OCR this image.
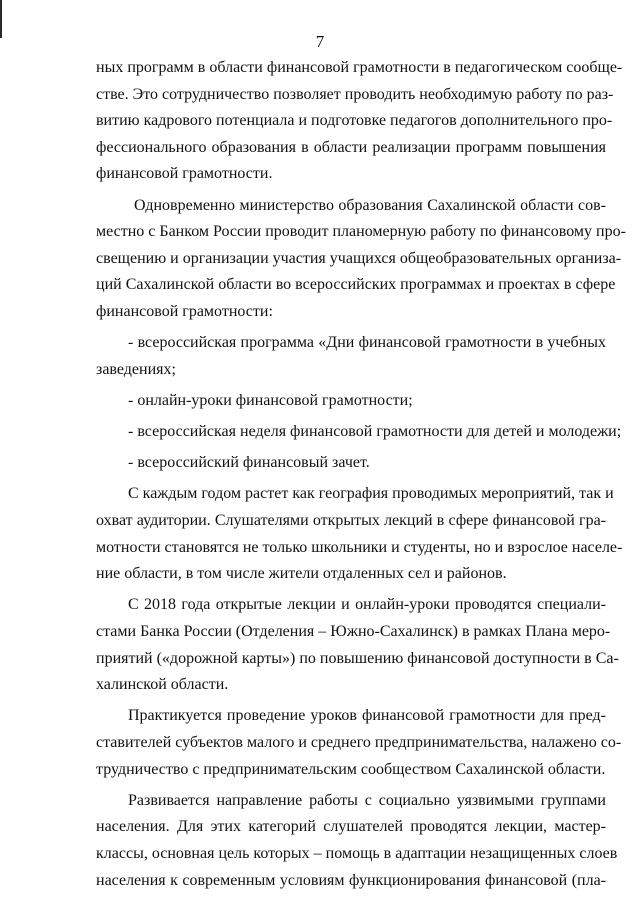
7
ных программ в области финансовой грамотности в педагогическом сообще-
стве. Это сотрудничество позволяет проводить необходимую работу по раз-
витию кадрового потенциала и подготовке педагогов дополнительного про-
фессионального образования в области реализации программ повышения
финансовой грамотности.
Одновременно министерство образования Сахалинской области сов-
местно с Банком России проводит планомерную работу по финансовому про-
свещению и организации участия учащихся общеобразовательных организа-
ций Сахалинской области во всероссийских программах и проектах в сфере
финансовой грамотности:
- всероссийская программа «Дни финансовой грамотности в учебных
заведениях;
- онлайн-уроки финансовой грамотности;
- всероссийская неделя финансовой грамотности для детей и молодежи;
- всероссийский финансовый зачет.
С каждым годом растет как география проводимых мероприятий, так и
охват аудитории. Слушателями открытых лекций в сфере финансовой гра-
мотности становятся не только школьники и студенты, но и взрослое населе-
ние области, в том числе жители отдаленных сел и районов.
С 2018 года открытые лекции и онлайн-уроки проводятся специали-
стами Банка России (Отделения – Южно-Сахалинск) в рамках Плана меро-
приятий («дорожной карты») по повышению финансовой доступности в Са-
халинской области.
Практикуется проведение уроков финансовой грамотности для пред-
ставителей субъектов малого и среднего предпринимательства, налажено со-
трудничество с предпринимательским сообществом Сахалинской области.
Развивается направление работы с социально уязвимыми группами
населения. Для этих категорий слушателей проводятся лекции, мастер-
классы, основная цель которых – помощь в адаптации незащищенных слоев
населения к современным условиям функционирования финансовой (пла-
